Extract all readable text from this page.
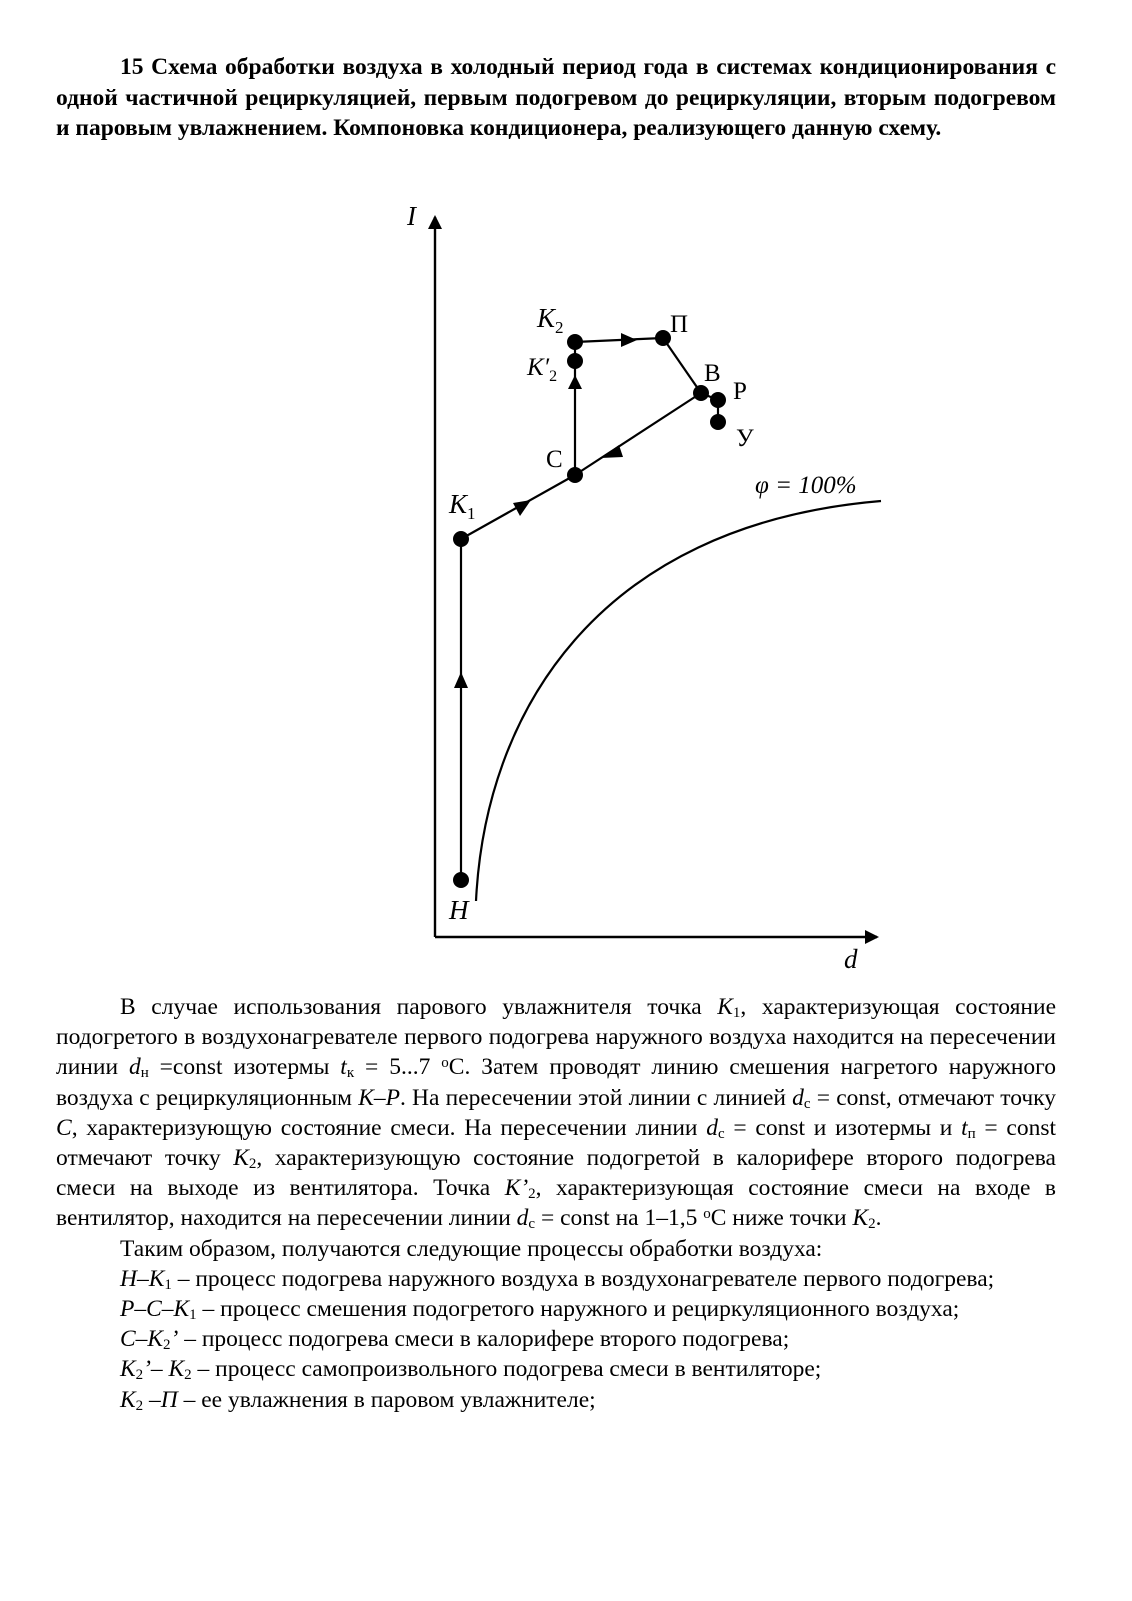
15 Схема обработки воздуха в холодный период года в системах кондиционирования с одной частичной рециркуляцией, первым подогревом до рециркуляции, вторым подогревом и паровым увлажнением. Компоновка кондиционера, реализующего данную схему.

I
d
φ = 100%
Н
$К_1$
С
$К'_2$
$К_2$	П
В
Р
У

В случае использования парового увлажнителя точка $К_1$, характеризующая состояние подогретого в воздухонагревателе первого подогрева наружного воздуха находится на пересечении линии $d_н$ =const изотермы $t_к = 5...7$ $^о$С. Затем проводят линию смешения нагретого наружного воздуха с рециркуляционным К–Р. На пересечении этой линии с линией $d_с$ = const, отмечают точку С, характеризующую состояние смеси. На пересечении линии $d_с$ = const и изотермы и $t_п$ = const отмечают точку $К_2$, характеризующую состояние подогретой в калорифере второго подогрева смеси на выходе из вентилятора. Точка $К’_2$, характеризующая состояние смеси на входе в вентилятор, находится на пересечении линии $d_с$ = const на 1–1,5 $^о$С ниже точки $К_2$.

Таким образом, получаются следующие процессы обработки воздуха:

$Н-К_1$ – процесс подогрева наружного воздуха в воздухонагревателе первого подогрева;

$Р-С-К_1$ – процесс смешения подогретого наружного и рециркуляционного воздуха;

$С-К_2$’ – процесс подогрева смеси в калорифере второго подогрева;

$К_2’-$ $К_2$ – процесс самопроизвольного подогрева смеси в вентиляторе;

$К_2$ –П – ее увлажнения в паровом увлажнителе;
